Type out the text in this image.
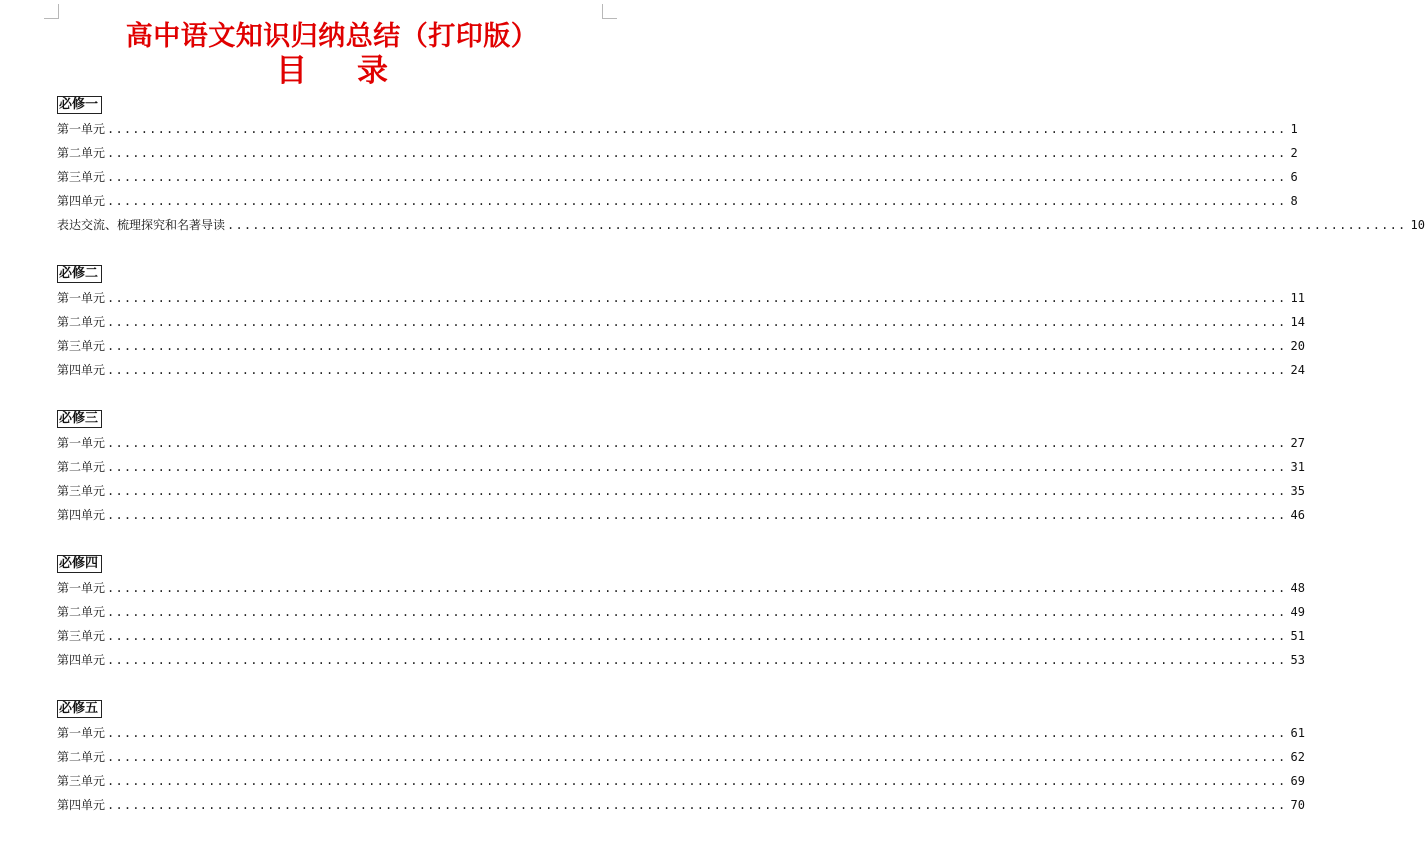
高中语文知识归纳总结（打印版）
目录
必修一
第一单元 ............................................................................................................................................ 1
第二单元 ............................................................................................................................................ 2
第三单元 ............................................................................................................................................ 6
第四单元 ............................................................................................................................................ 8
表达交流、梳理探究和名著导读 ............................................................................................................................................ 10
必修二
第一单元 ............................................................................................................................................ 11
第二单元 ............................................................................................................................................ 14
第三单元 ............................................................................................................................................ 20
第四单元 ............................................................................................................................................ 24
必修三
第一单元 ............................................................................................................................................ 27
第二单元 ............................................................................................................................................ 31
第三单元 ............................................................................................................................................ 35
第四单元 ............................................................................................................................................ 46
必修四
第一单元 ............................................................................................................................................ 48
第二单元 ............................................................................................................................................ 49
第三单元 ............................................................................................................................................ 51
第四单元 ............................................................................................................................................ 53
必修五
第一单元 ............................................................................................................................................ 61
第二单元 ............................................................................................................................................ 62
第三单元 ............................................................................................................................................ 69
第四单元 ............................................................................................................................................ 70
